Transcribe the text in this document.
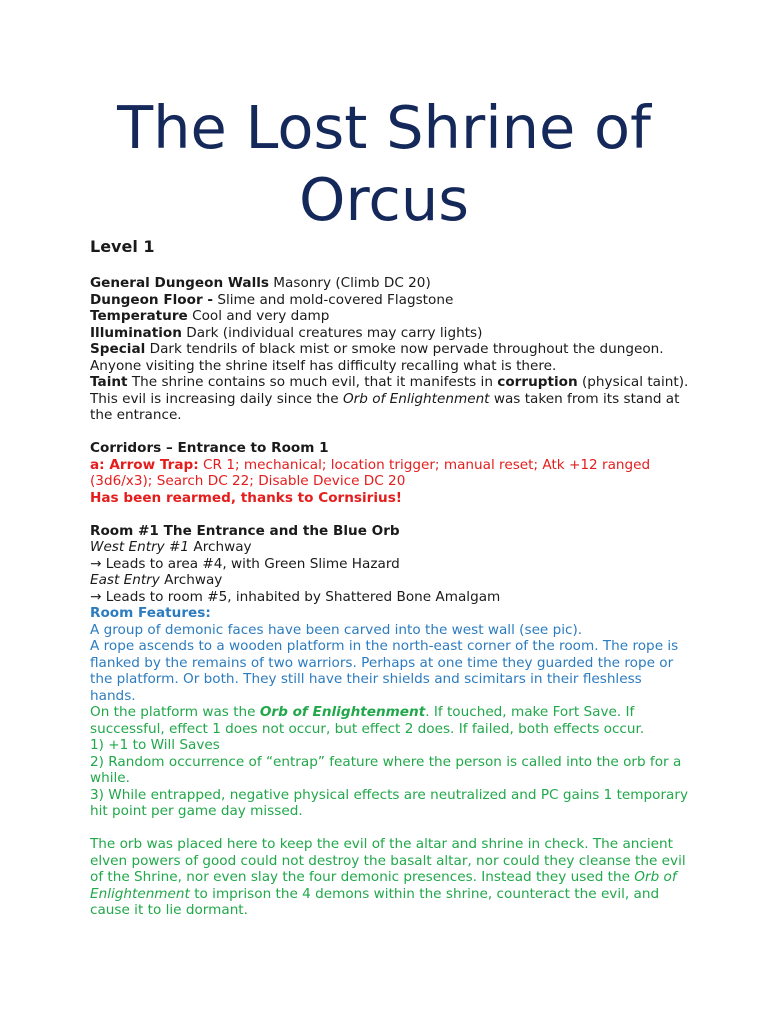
The Lost Shrine of Orcus
Level 1

General Dungeon Walls Masonry (Climb DC 20)

Dungeon Floor - Slime and mold-covered Flagstone

Temperature Cool and very damp

Illumination Dark (individual creatures may carry lights)

Special Dark tendrils of black mist or smoke now pervade throughout the dungeon. Anyone visiting the shrine itself has difficulty recalling what is there.

Taint The shrine contains so much evil, that it manifests in corruption (physical taint). This evil is increasing daily since the Orb of Enlightenment was taken from its stand at the entrance.

Corridors – Entrance to Room 1

a: Arrow Trap: CR 1; mechanical; location trigger; manual reset; Atk +12 ranged (3d6/x3); Search DC 22; Disable Device DC 20

Has been rearmed, thanks to Cornsirius!

Room #1 The Entrance and the Blue Orb

West Entry #1 Archway

→ Leads to area #4, with Green Slime Hazard

East Entry Archway

→ Leads to room #5, inhabited by Shattered Bone Amalgam

Room Features:

A group of demonic faces have been carved into the west wall (see pic).

A rope ascends to a wooden platform in the north-east corner of the room. The rope is flanked by the remains of two warriors. Perhaps at one time they guarded the rope or the platform. Or both. They still have their shields and scimitars in their fleshless hands.

On the platform was the Orb of Enlightenment. If touched, make Fort Save. If successful, effect 1 does not occur, but effect 2 does. If failed, both effects occur.

1) +1 to Will Saves

2) Random occurrence of “entrap” feature where the person is called into the orb for a while.

3) While entrapped, negative physical effects are neutralized and PC gains 1 temporary hit point per game day missed.

The orb was placed here to keep the evil of the altar and shrine in check. The ancient elven powers of good could not destroy the basalt altar, nor could they cleanse the evil of the Shrine, nor even slay the four demonic presences. Instead they used the Orb of Enlightenment to imprison the 4 demons within the shrine, counteract the evil, and cause it to lie dormant.
